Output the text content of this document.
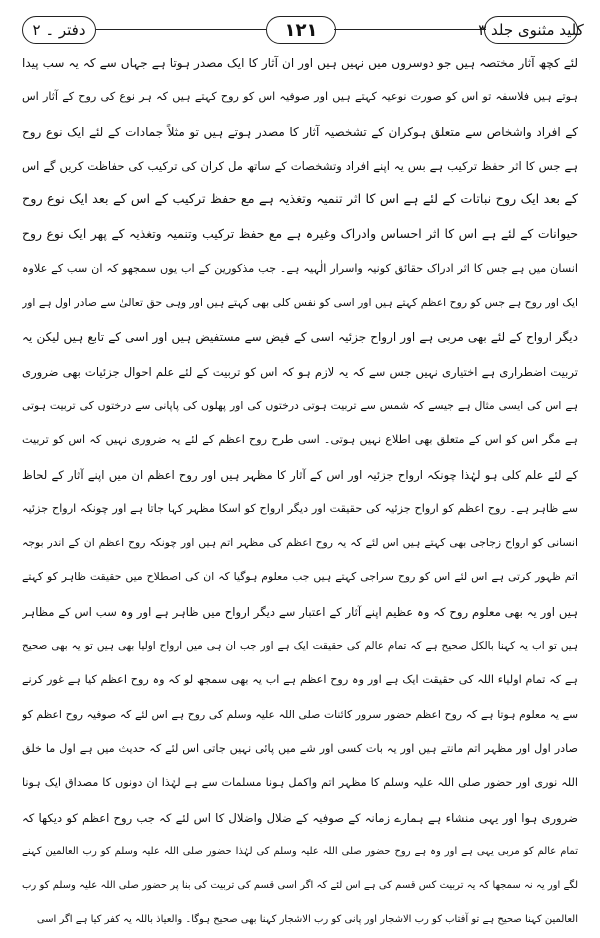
کلید مثنوی جلد ۳
۱۲۱
دفتر ۔ ۲
لئے کچھ آثار مختصہ ہیں جو دوسروں میں نہیں ہیں اور ان آثار کا ایک مصدر ہوتا ہے جہاں سے کہ یہ سب پیدا
ہوتے ہیں فلاسفہ تو اس کو صورت نوعیہ کہتے ہیں اور صوفیہ اس کو روح کہتے ہیں کہ ہر نوع کی روح کے آثار اس
کے افراد واشخاص سے متعلق ہوکران کے تشخصیہ آثار کا مصدر ہوتے ہیں تو مثلاً جمادات کے لئے ایک نوع روح
ہے جس کا اثر حفظ ترکیب ہے بس یہ اپنے افراد وتشخصات کے ساتھ مل کران کی ترکیب کی حفاظت کریں گے اس
کے بعد ایک روح نباتات کے لئے ہے اس کا اثر تنمیہ وتغذیہ ہے مع حفظ ترکیب کے اس کے بعد ایک نوع روح
حیوانات کے لئے ہے اس کا اثر احساس وادراک وغیرہ ہے مع حفظ ترکیب وتنمیہ وتغذیہ کے پھر ایک نوع روح
انسان میں ہے جس کا اثر ادراک حقائق کونیہ واسرار الٰہیہ ہے۔ جب مذکورین کے اب یوں سمجھو کہ ان سب کے علاوہ
ایک اور روح ہے جس کو روح اعظم کہتے ہیں اور اسی کو نفس کلی بھی کہتے ہیں اور وہی حق تعالیٰ سے صادر اول ہے اور
دیگر ارواح کے لئے بھی مربی ہے اور ارواح جزئیہ اسی کے فیض سے مستفیض ہیں اور اسی کے تابع ہیں لیکن یہ
تربیت اضطراری ہے اختیاری نہیں جس سے کہ یہ لازم ہو کہ اس کو تربیت کے لئے علم احوال جزئیات بھی ضروری
ہے اس کی ایسی مثال ہے جیسے کہ شمس سے تربیت ہوتی درختوں کی اور پھلوں کی پاپانی سے درختوں کی تربیت ہوتی
ہے مگر اس کو اس کے متعلق بھی اطلاع نہیں ہوتی۔ اسی طرح روح اعظم کے لئے یہ ضروری نہیں کہ اس کو تربیت
کے لئے علم کلی ہو لہٰذا چونکہ ارواح جزئیہ اور اس کے آثار کا مظہر ہیں اور روح اعظم ان میں اپنے آثار کے لحاظ
سے ظاہر ہے۔ روح اعظم کو ارواح جزئیہ کی حقیقت اور دیگر ارواح کو اسکا مظہر کہا جاتا ہے اور چونکہ ارواح جزئیہ
انسانی کو ارواح زجاجی بھی کہتے ہیں اس لئے کہ یہ روح اعظم کی مظہر اتم ہیں اور چونکہ روح اعظم ان کے اندر بوجہ
اتم ظہور کرتی ہے اس لئے اس کو روح سراجی کہتے ہیں جب معلوم ہوگیا کہ ان کی اصطلاح میں حقیقت ظاہر کو کہتے
ہیں اور یہ بھی معلوم روح کہ وہ عظیم اپنے آثار کے اعتبار سے دیگر ارواح میں ظاہر ہے اور وہ سب اس کے مظاہر
ہیں تو اب یہ کہنا بالکل صحیح ہے کہ تمام عالم کی حقیقت ایک ہے اور جب ان ہی میں ارواح اولیا بھی ہیں تو یہ بھی صحیح
ہے کہ تمام اولیاء اللہ کی حقیقت ایک ہے اور وہ روح اعظم ہے اب یہ بھی سمجھ لو کہ وہ روح اعظم کیا ہے غور کرنے
سے یہ معلوم ہوتا ہے کہ روح اعظم حضور سرور کائنات صلی اللہ علیہ وسلم کی روح ہے اس لئے کہ صوفیہ روح اعظم کو
صادر اول اور مظہر اتم مانتے ہیں اور یہ بات کسی اور شے میں پائی نہیں جاتی اس لئے کہ حدیث میں ہے اول ما خلق
اللہ نوری اور حضور صلی اللہ علیہ وسلم کا مظہر اتم واکمل ہونا مسلمات سے ہے لہٰذا ان دونوں کا مصداق ایک ہونا
ضروری ہوا اور یہی منشاء ہے ہمارے زمانہ کے صوفیہ کے ضلال واضلال کا اس لئے کہ جب روح اعظم کو دیکھا کہ
تمام عالم کو مربی یہی ہے اور وہ ہے روح حضور صلی اللہ علیہ وسلم کی لہٰذا حضور صلی اللہ علیہ وسلم کو رب العالمین کہنے
لگے اور یہ نہ سمجھا کہ یہ تربیت کس قسم کی ہے اس لئے کہ اگر اسی قسم کی تربیت کی بنا پر حضور صلی اللہ علیہ وسلم کو رب
العالمین کہنا صحیح ہے تو آفتاب کو رب الاشجار اور پانی کو رب الاشجار کہنا بھی صحیح ہوگا۔ والعیاذ باللہ یہ کفر کیا ہے اگر اسی
